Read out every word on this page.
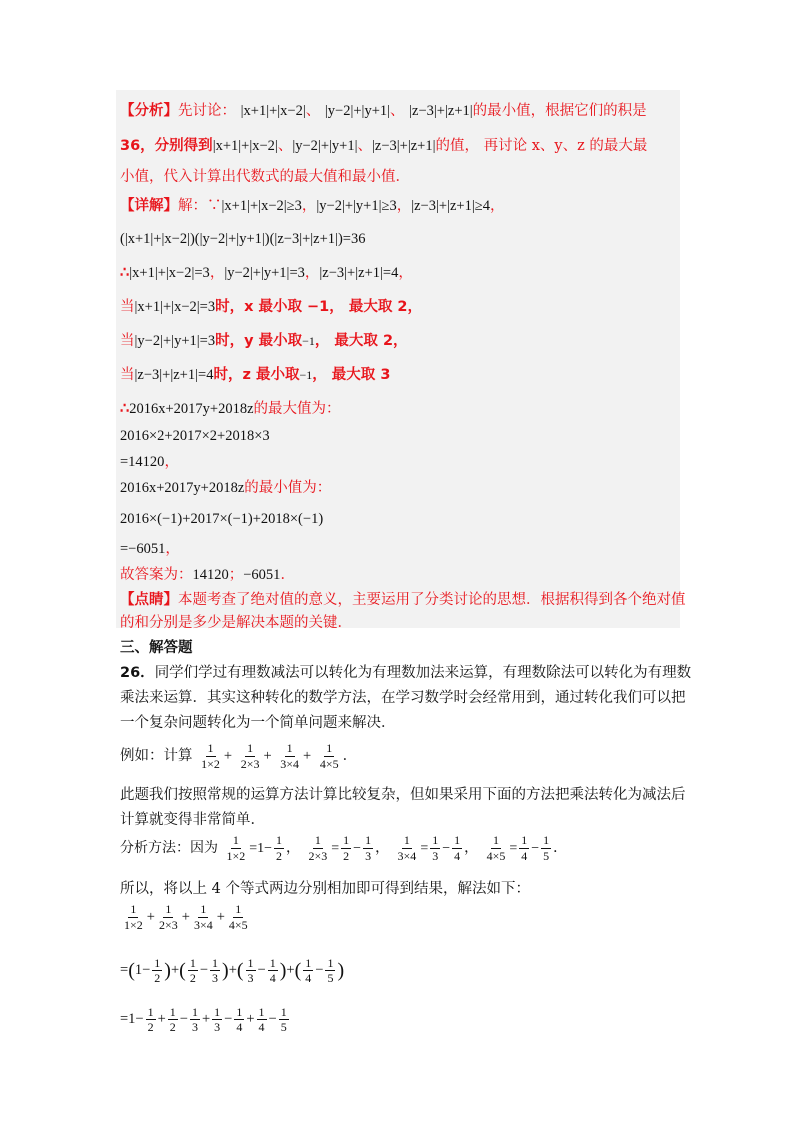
【分析】先讨论： |x+1|+|x−2|、 |y−2|+|y+1|、 |z−3|+|z+1|的最小值，根据它们的积是
36，分别得到|x+1|+|x−2|、|y−2|+|y+1|、|z−3|+|z+1|的值， 再讨论 x、y、z 的最大最
小值，代入计算出代数式的最大值和最小值．
【详解】解：∵|x+1|+|x−2|≥3，|y−2|+|y+1|≥3，|z−3|+|z+1|≥4，
(|x+1|+|x−2|)(|y−2|+|y+1|)(|z−3|+|z+1|)=36
∴|x+1|+|x−2|=3，|y−2|+|y+1|=3，|z−3|+|z+1|=4，
当|x+1|+|x−2|=3时，x 最小取 −1， 最大取 2，
当|y−2|+|y+1|=3时，y 最小取−1， 最大取 2，
当|z−3|+|z+1|=4时，z 最小取−1， 最大取 3
∴2016x+2017y+2018z的最大值为：
2016×2+2017×2+2018×3
=14120，
2016x+2017y+2018z的最小值为：
2016×(−1)+2017×(−1)+2018×(−1)
=−6051，
故答案为：14120；−6051．
【点睛】本题考查了绝对值的意义，主要运用了分类讨论的思想．根据积得到各个绝对值
的和分别是多少是解决本题的关键．
三、解答题
26．同学们学过有理数减法可以转化为有理数加法来运算，有理数除法可以转化为有理数
乘法来运算．其实这种转化的数学方法，在学习数学时会经常用到，通过转化我们可以把
一个复杂问题转化为一个简单问题来解决．
例如：计算 $\frac{1}{1\times 2} + \frac{1}{2\times 3} + \frac{1}{3\times 4} + \frac{1}{4\times 5}$ ．
此题我们按照常规的运算方法计算比较复杂，但如果采用下面的方法把乘法转化为减法后
计算就变得非常简单．
分析方法：因为 $\frac{1}{1\times 2} =1- \frac{1}{2}$ ， $\frac{1}{2\times 3} = \frac{1}{2} - \frac{1}{3}$ ， $\frac{1}{3\times 4} = \frac{1}{3} - \frac{1}{4}$ ， $\frac{1}{4\times 5} = \frac{1}{4} - \frac{1}{5}$ ．
所以，将以上 4 个等式两边分别相加即可得到结果，解法如下：
$\frac{1}{1\times 2} + \frac{1}{2\times 3} + \frac{1}{3\times 4} + \frac{1}{4\times 5}$
$=(1- \frac{1}{2}$ )+( $\frac{1}{2} - \frac{1}{3}$ )+( $\frac{1}{3} - \frac{1}{4}$ )+( $\frac{1}{4} - \frac{1}{5}$ )
$=1- \frac{1}{2} + \frac{1}{2} - \frac{1}{3} + \frac{1}{3} - \frac{1}{4} + \frac{1}{4} - \frac{1}{5}$
